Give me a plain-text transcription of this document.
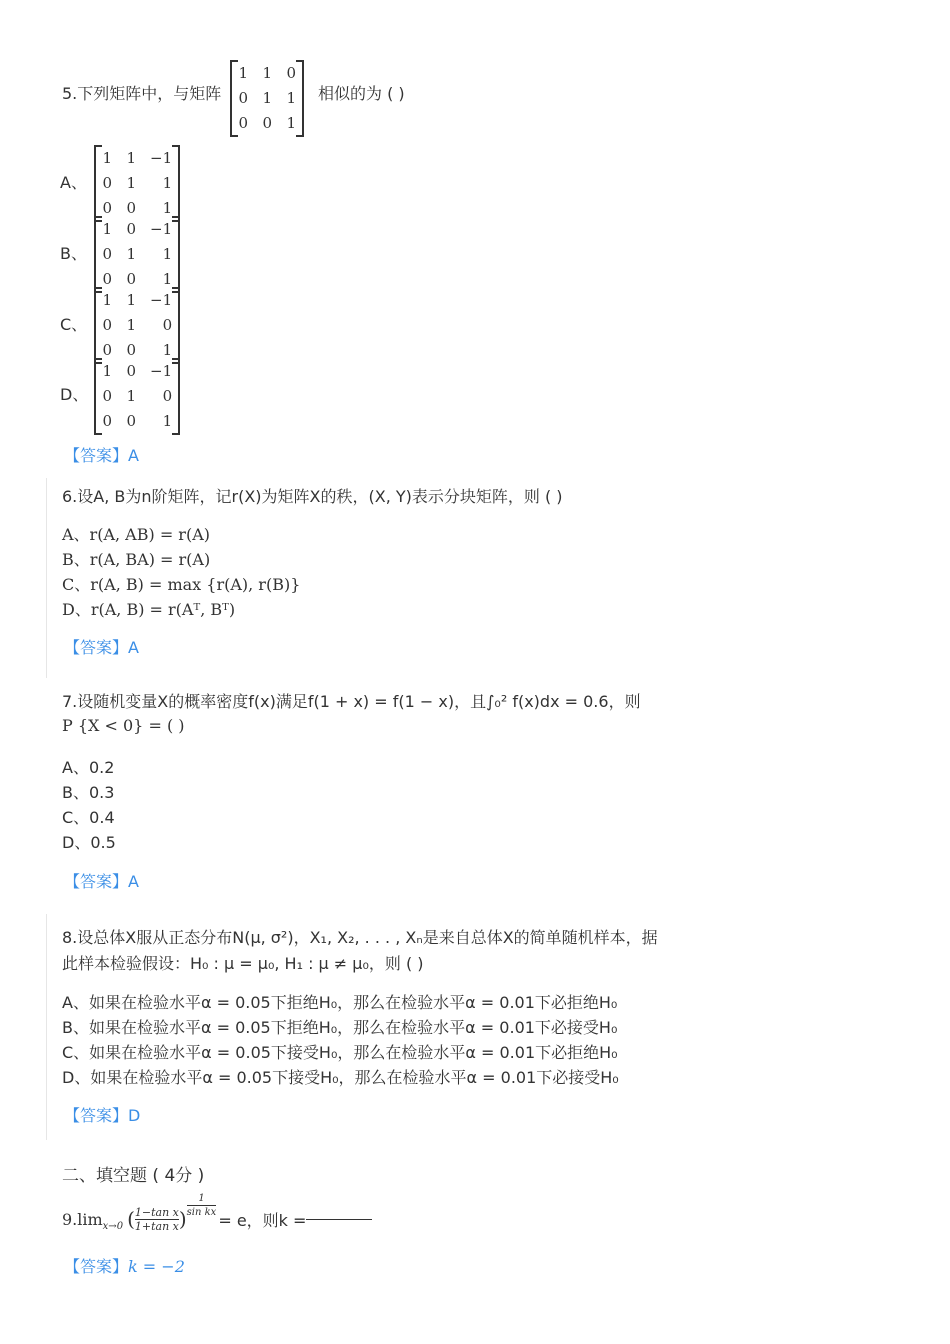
5.下列矩阵中，与矩阵
1 1 0
0 1 1
0 0 1
相似的为 ( )
A、
1 1 −1
0 1	1
0 0	1
B、
1 0 −1
0 1	1
0 0	1
C、
1 1 −1
0 1	0
0 0	1
D、
1 0 −1
0 1	0
0 0	1
【答案】A
6.设A, B为n阶矩阵，记r(X)为矩阵X的秩，(X, Y)表示分块矩阵，则 ( )
A、r(A, AB) = r(A)
B、r(A, BA) = r(A)
C、r(A, B) = max {r(A), r(B)}
D、r(A, B) = r(Aᵀ, Bᵀ)
【答案】A
7.设随机变量X的概率密度f(x)满足f(1 + x) = f(1 − x)，且∫₀² f(x)dx = 0.6，则
P {X < 0} = ( )
A、0.2
B、0.3
C、0.4
D、0.5
【答案】A
8.设总体X服从正态分布N(μ, σ²)，X₁, X₂, . . . , Xₙ是来自总体X的简单随机样本，据
此样本检验假设：H₀ : μ = μ₀, H₁ : μ ≠ μ₀，则 ( )
A、如果在检验水平α = 0.05下拒绝H₀，那么在检验水平α = 0.01下必拒绝H₀
B、如果在检验水平α = 0.05下拒绝H₀，那么在检验水平α = 0.01下必接受H₀
C、如果在检验水平α = 0.05下接受H₀，那么在检验水平α = 0.01下必拒绝H₀
D、如果在检验水平α = 0.05下接受H₀，那么在检验水平α = 0.01下必接受H₀
【答案】D
二、填空题 ( 4分 )
$9.\lim_{x\to 0}$ ( $\frac{\text{1−tan x}}{\text{1+tan x}}$ ) $\frac{1}{\text{sin kx}}$
= e，则k =
【答案】k = −2
